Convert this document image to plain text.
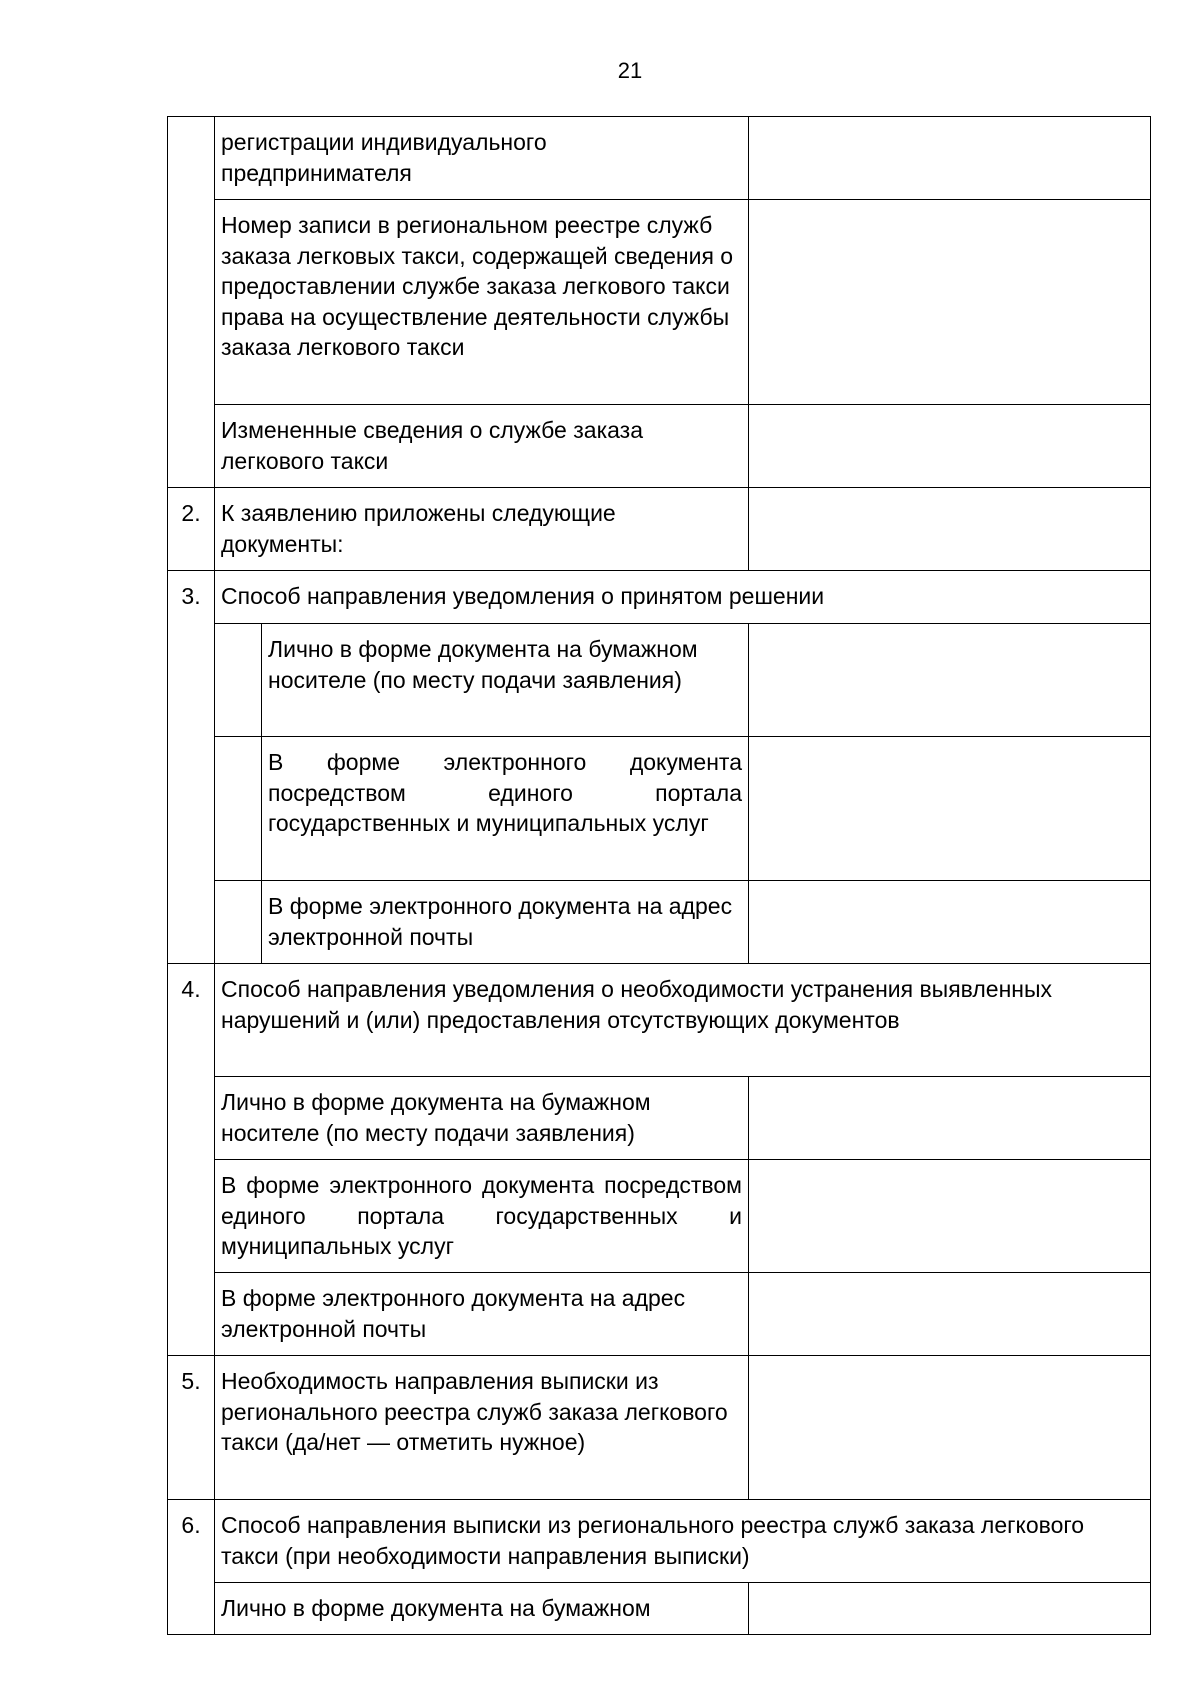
21
	регистрации индивидуального предпринимателя		
	Номер записи в региональном реестре служб заказа легковых такси, содержащей сведения о предоставлении службе заказа легкового такси права на осуществление деятельности службы заказа легкового такси		
	Измененные сведения о службе заказа легкового такси		
2.	К заявлению приложены следующие документы:		
3.	Способ направления уведомления о принятом решении		
		Лично в форме документа на бумажном носителе (по месту подачи заявления)	
		В форме электронного документа посредством единого портала государственных и муниципальных услуг	
		В форме электронного документа на адрес электронной почты	
4.	Способ направления уведомления о необходимости устранения выявленных нарушений и (или) предоставления отсутствующих документов		
	Лично в форме документа на бумажном носителе (по месту подачи заявления)		
	В форме электронного документа посредством единого портала государственных и муниципальных услуг		
	В форме электронного документа на адрес электронной почты		
5.	Необходимость направления выписки из регионального реестра служб заказа легкового такси (да/нет — отметить нужное)		
6.	Способ направления выписки из регионального реестра служб заказа легкового такси (при необходимости направления выписки)		
	Лично в форме документа на бумажном		
